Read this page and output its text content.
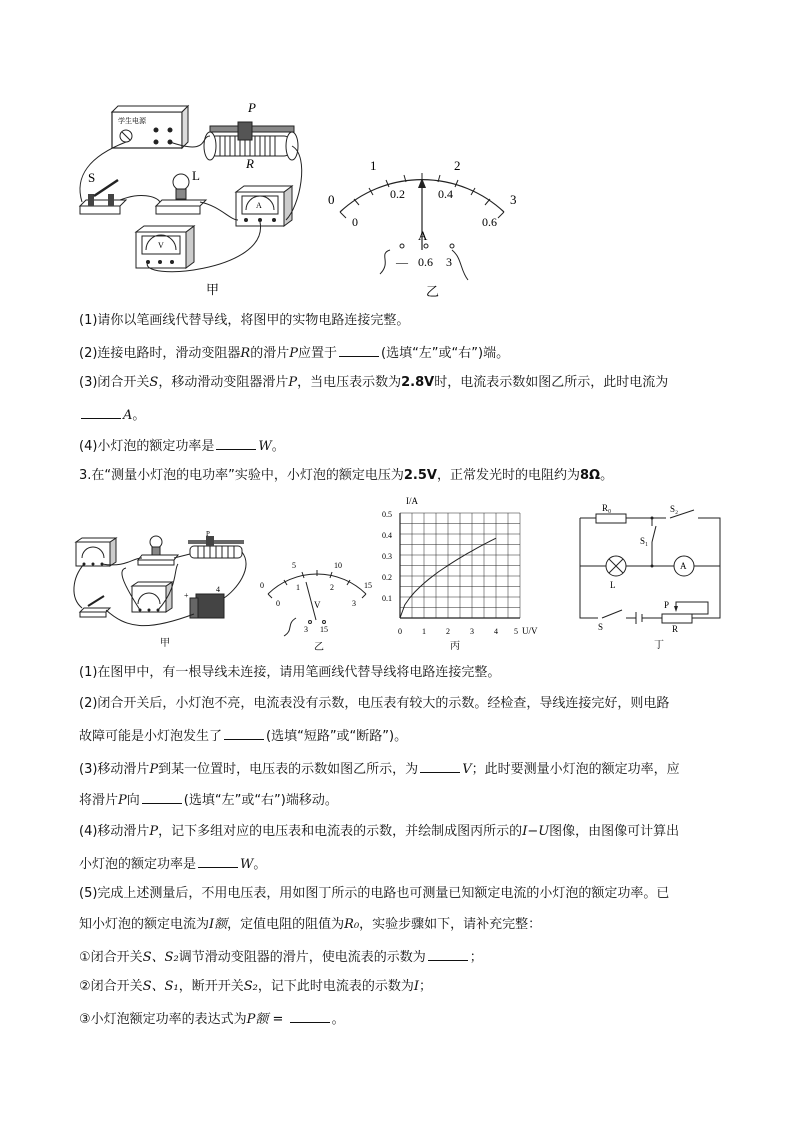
学生电源
P
R
S	L
A
V
甲
0
1	2
3
0
0.2	0.4
0.6
A
— 0.6 3
乙
(1)请你以笔画线代替导线，将图甲的实物电路连接完整。
(2)连接电路时，滑动变阻器R的滑片P应置于	(选填“左”或“右”)端。
(3)闭合开关S，移动滑动变阻器滑片P，当电压表示数为2.8V时，电流表示数如图乙所示，此时电流为
A。
(4)小灯泡的额定功率是	W。
3.在“测量小灯泡的电功率”实验中，小灯泡的额定电压为2.5V，正常发光时的电阻约为8Ω。
P
4
+
甲
0
5	10
15
0
1	2
3
V
3 15
乙
I/A
U/V
0.1
0.2
0.3
0.4
0.5
0	1	2	3	4 5
丙
R₀	S₂
S₁
L
A
S
P
R
丁
(1)在图甲中，有一根导线未连接，请用笔画线代替导线将电路连接完整。
(2)闭合开关后，小灯泡不亮，电流表没有示数，电压表有较大的示数。经检查，导线连接完好，则电路
故障可能是小灯泡发生了	(选填“短路”或“断路”)。
(3)移动滑片P到某一位置时，电压表的示数如图乙所示，为	V；此时要测量小灯泡的额定功率，应
将滑片P向	(选填“左”或“右”)端移动。
(4)移动滑片P，记下多组对应的电压表和电流表的示数，并绘制成图丙所示的I−U图像，由图像可计算出
小灯泡的额定功率是	W。
(5)完成上述测量后，不用电压表，用如图丁所示的电路也可测量已知额定电流的小灯泡的额定功率。已
知小灯泡的额定电流为I额，定值电阻的阻值为R₀，实验步骤如下，请补充完整：
①闭合开关S、S₂调节滑动变阻器的滑片，使电流表的示数为	；
②闭合开关S、S₁，断开开关S₂，记下此时电流表的示数为I；
③小灯泡额定功率的表达式为P额 =	。
